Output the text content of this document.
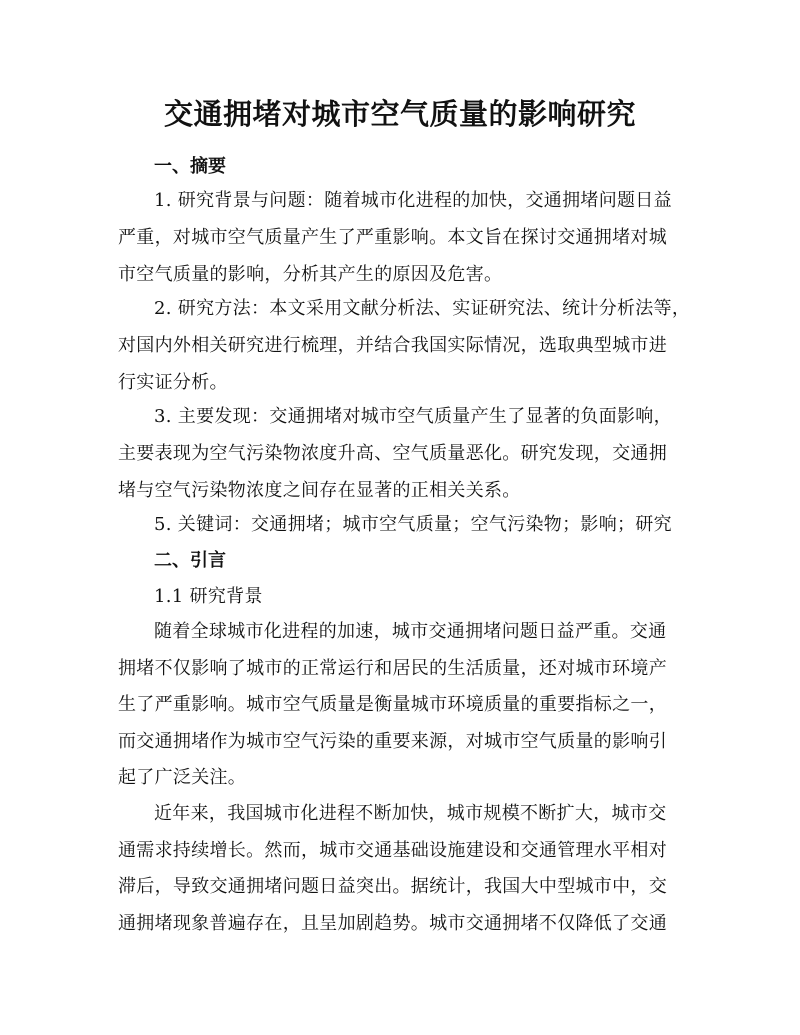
交通拥堵对城市空气质量的影响研究
一、摘要
1. 研究背景与问题：随着城市化进程的加快，交通拥堵问题日益
严重，对城市空气质量产生了严重影响。本文旨在探讨交通拥堵对城
市空气质量的影响，分析其产生的原因及危害。
2. 研究方法：本文采用文献分析法、实证研究法、统计分析法等，
对国内外相关研究进行梳理，并结合我国实际情况，选取典型城市进
行实证分析。
3. 主要发现：交通拥堵对城市空气质量产生了显著的负面影响，
主要表现为空气污染物浓度升高、空气质量恶化。研究发现，交通拥
堵与空气污染物浓度之间存在显著的正相关关系。
5. 关键词：交通拥堵；城市空气质量；空气污染物；影响；研究
二、引言
1.1 研究背景
随着全球城市化进程的加速，城市交通拥堵问题日益严重。交通
拥堵不仅影响了城市的正常运行和居民的生活质量，还对城市环境产
生了严重影响。城市空气质量是衡量城市环境质量的重要指标之一，
而交通拥堵作为城市空气污染的重要来源，对城市空气质量的影响引
起了广泛关注。
近年来，我国城市化进程不断加快，城市规模不断扩大，城市交
通需求持续增长。然而，城市交通基础设施建设和交通管理水平相对
滞后，导致交通拥堵问题日益突出。据统计，我国大中型城市中，交
通拥堵现象普遍存在，且呈加剧趋势。城市交通拥堵不仅降低了交通
